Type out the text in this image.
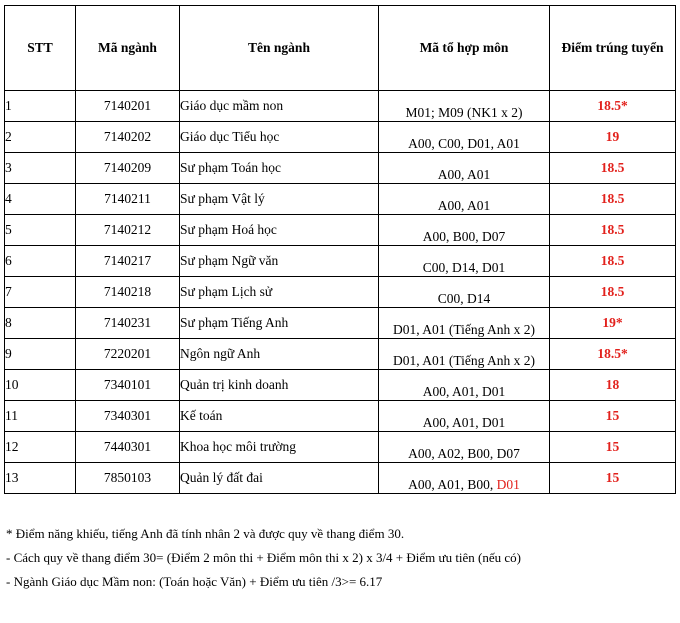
STT	Mã ngành	Tên ngành	Mã tổ hợp môn	Điểm trúng tuyển
1	7140201	Giáo dục mầm non	M01; M09 (NK1 x 2)	18.5*
2	7140202	Giáo dục Tiểu học	A00, C00, D01, A01	19
3	7140209	Sư phạm Toán học	A00, A01	18.5
4	7140211	Sư phạm Vật lý	A00, A01	18.5
5	7140212	Sư phạm Hoá học	A00, B00, D07	18.5
6	7140217	Sư phạm Ngữ văn	C00, D14, D01	18.5
7	7140218	Sư phạm Lịch sử	C00, D14	18.5
8	7140231	Sư phạm Tiếng Anh	D01, A01 (Tiếng Anh x 2)	19*
9	7220201	Ngôn ngữ Anh	D01, A01 (Tiếng Anh x 2)	18.5*
10	7340101	Quản trị kinh doanh	A00, A01, D01	18
11	7340301	Kế toán	A00, A01, D01	15
12	7440301	Khoa học môi trường	A00, A02, B00, D07	15
13	7850103	Quản lý đất đai	A00, A01, B00, D01	15
* Điểm năng khiếu, tiếng Anh đã tính nhân 2 và được quy về thang điểm 30.
- Cách quy về thang điểm 30= (Điểm 2 môn thi + Điểm môn thi x 2) x 3/4 + Điểm ưu tiên (nếu có)
- Ngành Giáo dục Mầm non: (Toán hoặc Văn) + Điểm ưu tiên /3>= 6.17
